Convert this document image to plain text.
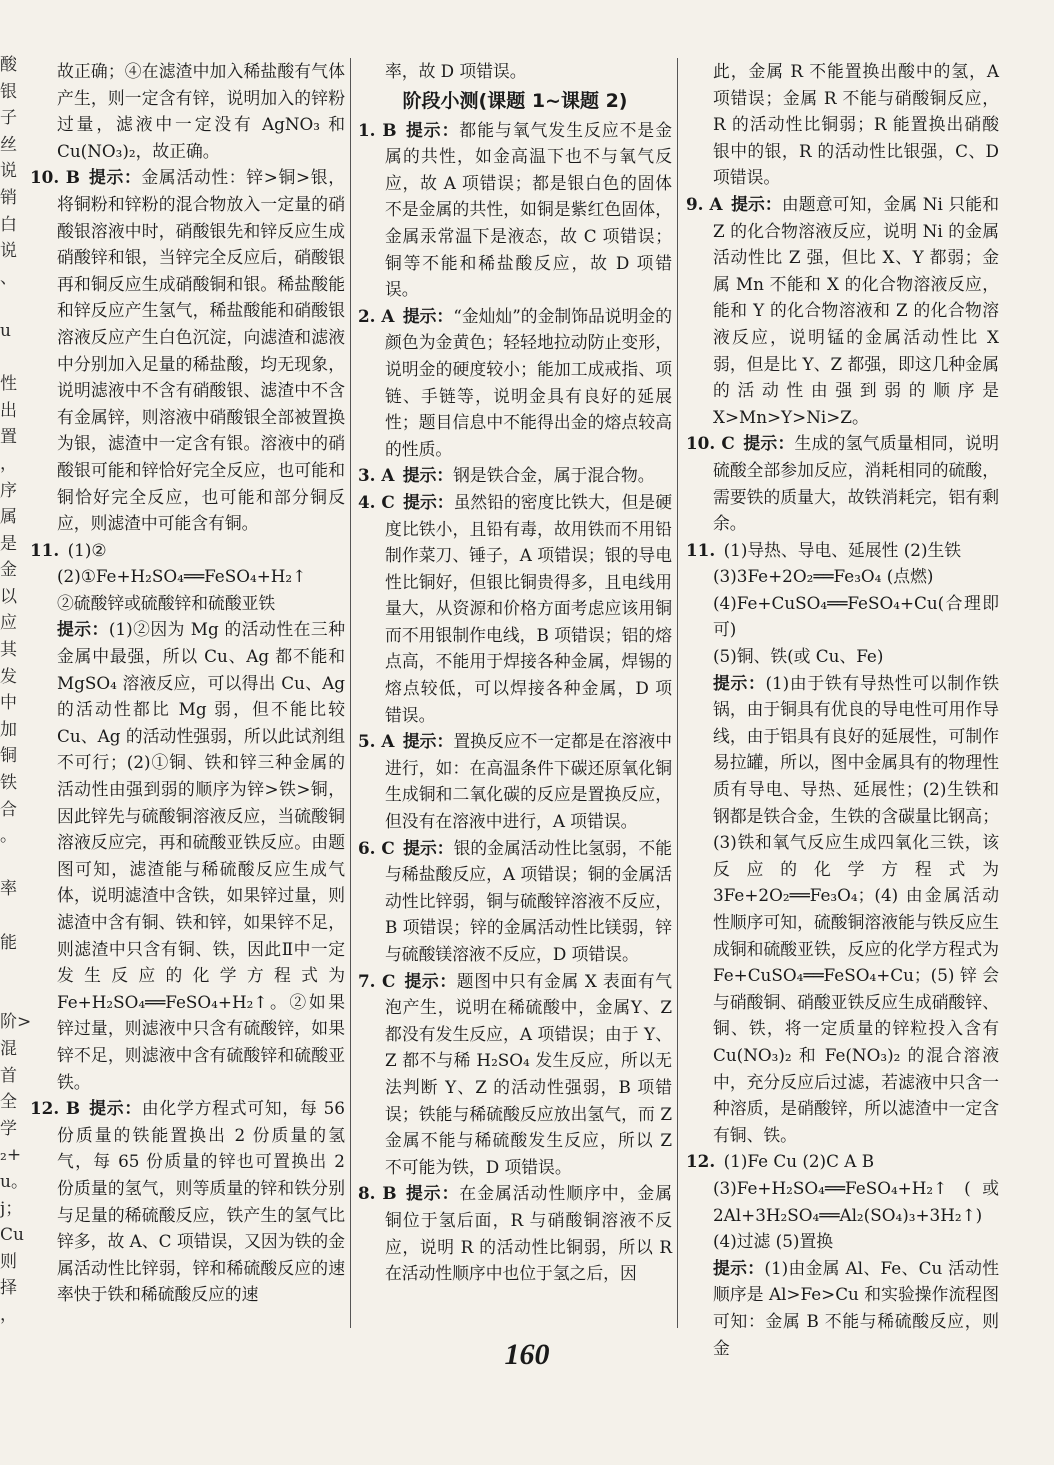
酸
银
子
丝
说
销
白
说
、
u
性
出
置
，
序
属
是
金
以
应
其
发
中
加
铜
铁
合
。
率
能
阶>
混
首
全
学
₂+
u。
j；
Cu
则
择
，
故正确；④在滤渣中加入稀盐酸有气体产生，则一定含有锌，说明加入的锌粉过量，滤液中一定没有 AgNO₃ 和 Cu(NO₃)₂，故正确。
10. B  提示：金属活动性：锌>铜>银，将铜粉和锌粉的混合物放入一定量的硝酸银溶液中时，硝酸银先和锌反应生成硝酸锌和银，当锌完全反应后，硝酸银再和铜反应生成硝酸铜和银。稀盐酸能和锌反应产生氢气，稀盐酸能和硝酸银溶液反应产生白色沉淀，向滤渣和滤液中分别加入足量的稀盐酸，均无现象，说明滤液中不含有硝酸银、滤渣中不含有金属锌，则溶液中硝酸银全部被置换为银，滤渣中一定含有银。溶液中的硝酸银可能和锌恰好完全反应，也可能和铜恰好完全反应，也可能和部分铜反应，则滤渣中可能含有铜。
11.  (1)②
(2)①Fe+H₂SO₄══FeSO₄+H₂↑
②硫酸锌或硫酸锌和硫酸亚铁
提示：(1)②因为 Mg 的活动性在三种金属中最强，所以 Cu、Ag 都不能和 MgSO₄ 溶液反应，可以得出 Cu、Ag 的活动性都比 Mg 弱，但不能比较 Cu、Ag 的活动性强弱，所以此试剂组不可行；(2)①铜、铁和锌三种金属的活动性由强到弱的顺序为锌>铁>铜，因此锌先与硫酸铜溶液反应，当硫酸铜溶液反应完，再和硫酸亚铁反应。由题图可知，滤渣能与稀硫酸反应生成气体，说明滤渣中含铁，如果锌过量，则滤渣中含有铜、铁和锌，如果锌不足，则滤渣中只含有铜、铁，因此Ⅱ中一定发生反应的化学方程式为 Fe+H₂SO₄══FeSO₄+H₂↑。②如果锌过量，则滤液中只含有硫酸锌，如果锌不足，则滤液中含有硫酸锌和硫酸亚铁。
12. B  提示：由化学方程式可知，每 56 份质量的铁能置换出 2 份质量的氢气，每 65 份质量的锌也可置换出 2 份质量的氢气，则等质量的锌和铁分别与足量的稀硫酸反应，铁产生的氢气比锌多，故 A、C 项错误，又因为铁的金属活动性比锌弱，锌和稀硫酸反应的速率快于铁和稀硫酸反应的速
率，故 D 项错误。
阶段小测(课题 1~课题 2)
1. B  提示：都能与氧气发生反应不是金属的共性，如金高温下也不与氧气反应，故 A 项错误；都是银白色的固体不是金属的共性，如铜是紫红色固体，金属汞常温下是液态，故 C 项错误；铜等不能和稀盐酸反应，故 D 项错误。
2. A  提示：“金灿灿”的金制饰品说明金的颜色为金黄色；轻轻地拉动防止变形，说明金的硬度较小；能加工成戒指、项链、手链等，说明金具有良好的延展性；题目信息中不能得出金的熔点较高的性质。
3. A  提示：钢是铁合金，属于混合物。
4. C  提示：虽然铅的密度比铁大，但是硬度比铁小，且铅有毒，故用铁而不用铅制作菜刀、锤子，A 项错误；银的导电性比铜好，但银比铜贵得多，且电线用量大，从资源和价格方面考虑应该用铜而不用银制作电线，B 项错误；铝的熔点高，不能用于焊接各种金属，焊锡的熔点较低，可以焊接各种金属，D 项错误。
5. A  提示：置换反应不一定都是在溶液中进行，如：在高温条件下碳还原氧化铜生成铜和二氧化碳的反应是置换反应，但没有在溶液中进行，A 项错误。
6. C  提示：银的金属活动性比氢弱，不能与稀盐酸反应，A 项错误；铜的金属活动性比锌弱，铜与硫酸锌溶液不反应，B 项错误；锌的金属活动性比镁弱，锌与硫酸镁溶液不反应，D 项错误。
7. C  提示：题图中只有金属 X 表面有气泡产生，说明在稀硫酸中，金属Y、Z 都没有发生反应，A 项错误；由于 Y、Z 都不与稀 H₂SO₄ 发生反应，所以无法判断 Y、Z 的活动性强弱，B 项错误；铁能与稀硫酸反应放出氢气，而 Z 金属不能与稀硫酸发生反应，所以 Z 不可能为铁，D 项错误。
8. B  提示：在金属活动性顺序中，金属铜位于氢后面，R 与硝酸铜溶液不反应，说明 R 的活动性比铜弱，所以 R 在活动性顺序中也位于氢之后，因
此，金属 R 不能置换出酸中的氢，A 项错误；金属 R 不能与硝酸铜反应，R 的活动性比铜弱；R 能置换出硝酸银中的银，R 的活动性比银强，C、D 项错误。
9. A  提示：由题意可知，金属 Ni 只能和 Z 的化合物溶液反应，说明 Ni 的金属活动性比 Z 强，但比 X、Y 都弱；金属 Mn 不能和 X 的化合物溶液反应，能和 Y 的化合物溶液和 Z 的化合物溶液反应，说明锰的金属活动性比 X 弱，但是比 Y、Z 都强，即这几种金属的活动性由强到弱的顺序是 X>Mn>Y>Ni>Z。
10. C  提示：生成的氢气质量相同，说明硫酸全部参加反应，消耗相同的硫酸，需要铁的质量大，故铁消耗完，铝有剩余。
11.  (1)导热、导电、延展性 (2)生铁
(3)3Fe+2O₂══Fe₃O₄ (点燃)
(4)Fe+CuSO₄══FeSO₄+Cu(合理即可)
(5)铜、铁(或 Cu、Fe)
提示：(1)由于铁有导热性可以制作铁锅，由于铜具有优良的导电性可用作导线，由于铝具有良好的延展性，可制作易拉罐，所以，图中金属具有的物理性质有导电、导热、延展性；(2)生铁和钢都是铁合金，生铁的含碳量比钢高；(3)铁和氧气反应生成四氧化三铁，该反应的化学方程式为 3Fe+2O₂══Fe₃O₄；(4) 由金属活动性顺序可知，硫酸铜溶液能与铁反应生成铜和硫酸亚铁，反应的化学方程式为 Fe+CuSO₄══FeSO₄+Cu；(5)锌会与硝酸铜、硝酸亚铁反应生成硝酸锌、铜、铁，将一定质量的锌粒投入含有 Cu(NO₃)₂ 和 Fe(NO₃)₂ 的混合溶液中，充分反应后过滤，若滤液中只含一种溶质，是硝酸锌，所以滤渣中一定含有铜、铁。
12.  (1)Fe Cu (2)C A B
(3)Fe+H₂SO₄══FeSO₄+H₂↑ (或 2Al+3H₂SO₄══Al₂(SO₄)₃+3H₂↑)
(4)过滤 (5)置换
提示：(1)由金属 Al、Fe、Cu 活动性顺序是 Al>Fe>Cu 和实验操作流程图可知：金属 B 不能与稀硫酸反应，则金
160
